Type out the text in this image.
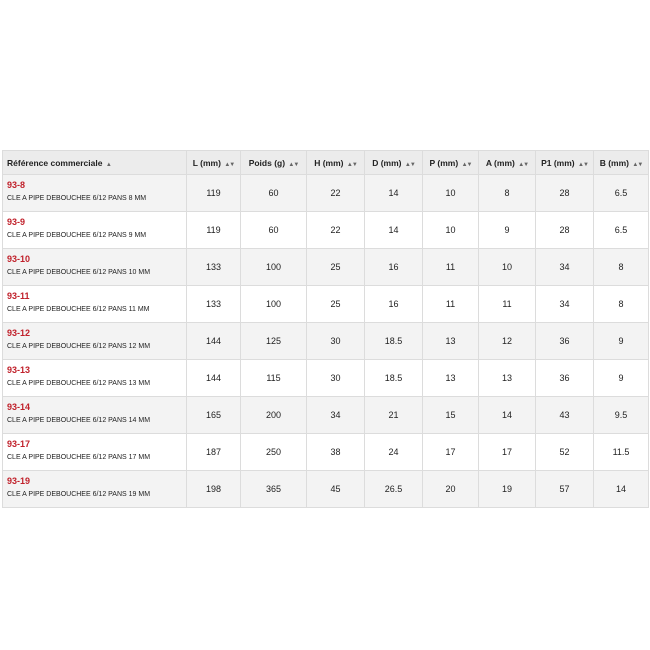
Référence commerciale ▲	L (mm) ▲▼	Poids (g) ▲▼	H (mm) ▲▼	D (mm) ▲▼	P (mm) ▲▼	A (mm) ▲▼	P1 (mm) ▲▼	B (mm) ▲▼

93-8
CLE A PIPE DEBOUCHEE 6/12 PANS 8 MM	119	60	22	14	10	8	28	6.5

93-9
CLE A PIPE DEBOUCHEE 6/12 PANS 9 MM	119	60	22	14	10	9	28	6.5

93-10
CLE A PIPE DEBOUCHEE 6/12 PANS 10 MM	133	100	25	16	11	10	34	8

93-11
CLE A PIPE DEBOUCHEE 6/12 PANS 11 MM	133	100	25	16	11	11	34	8

93-12
CLE A PIPE DEBOUCHEE 6/12 PANS 12 MM	144	125	30	18.5	13	12	36	9

93-13
CLE A PIPE DEBOUCHEE 6/12 PANS 13 MM	144	115	30	18.5	13	13	36	9

93-14
CLE A PIPE DEBOUCHEE 6/12 PANS 14 MM	165	200	34	21	15	14	43	9.5

93-17
CLE A PIPE DEBOUCHEE 6/12 PANS 17 MM	187	250	38	24	17	17	52	11.5

93-19
CLE A PIPE DEBOUCHEE 6/12 PANS 19 MM	198	365	45	26.5	20	19	57	14
